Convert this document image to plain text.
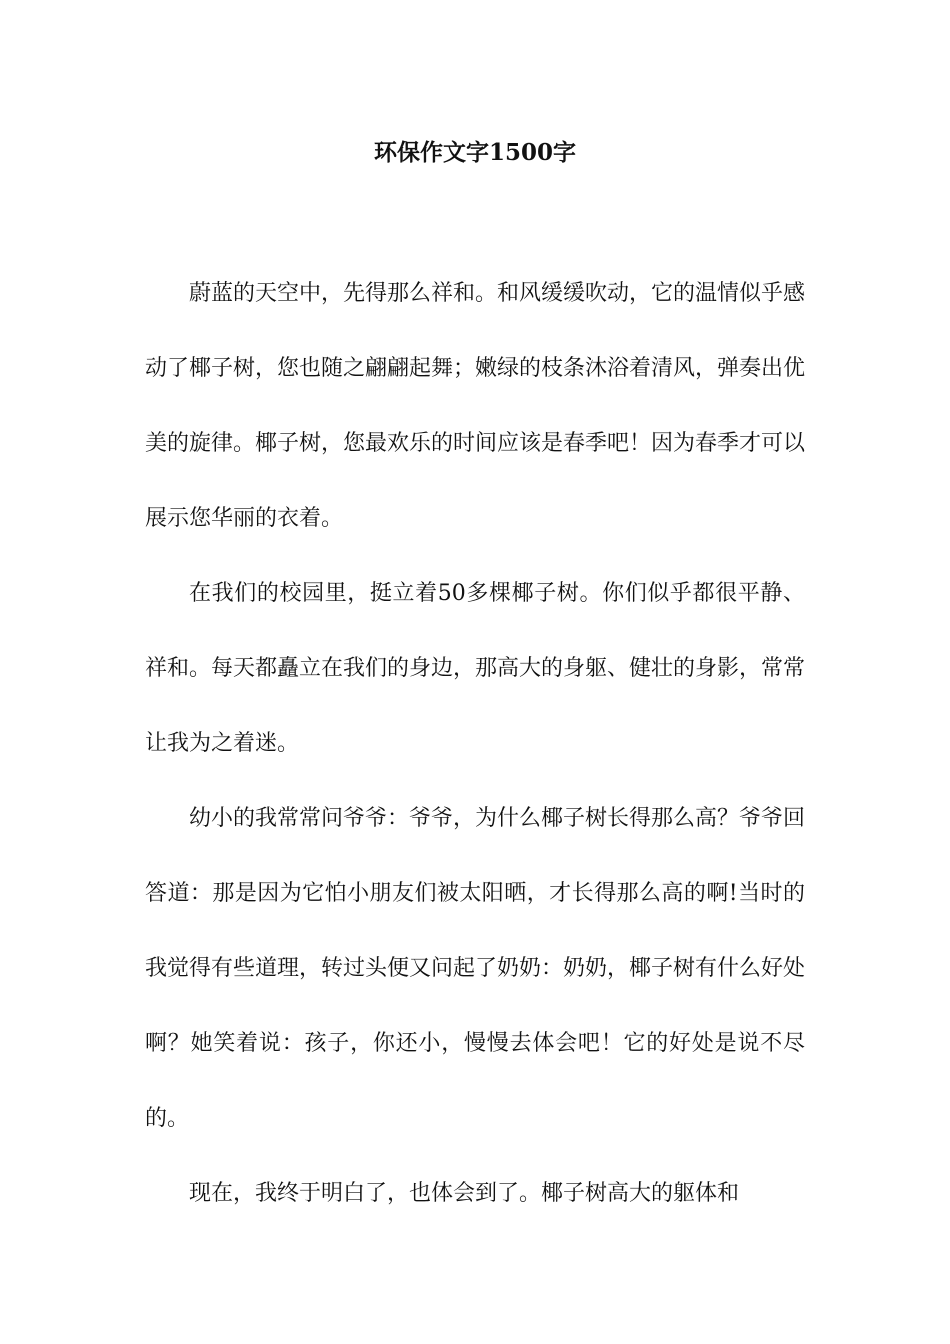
环保作文字1500字

蔚蓝的天空中，先得那么祥和。和风缓缓吹动，它的温情似乎感动了椰子树，您也随之翩翩起舞；嫩绿的枝条沐浴着清风，弹奏出优美的旋律。椰子树，您最欢乐的时间应该是春季吧！因为春季才可以展示您华丽的衣着。

在我们的校园里，挺立着50多棵椰子树。你们似乎都很平静、祥和。每天都矗立在我们的身边，那高大的身躯、健壮的身影，常常让我为之着迷。

幼小的我常常问爷爷：爷爷，为什么椰子树长得那么高？爷爷回答道：那是因为它怕小朋友们被太阳晒，才长得那么高的啊!当时的我觉得有些道理，转过头便又问起了奶奶：奶奶，椰子树有什么好处啊？她笑着说：孩子，你还小，慢慢去体会吧！它的好处是说不尽的。

现在，我终于明白了，也体会到了。椰子树高大的躯体和
